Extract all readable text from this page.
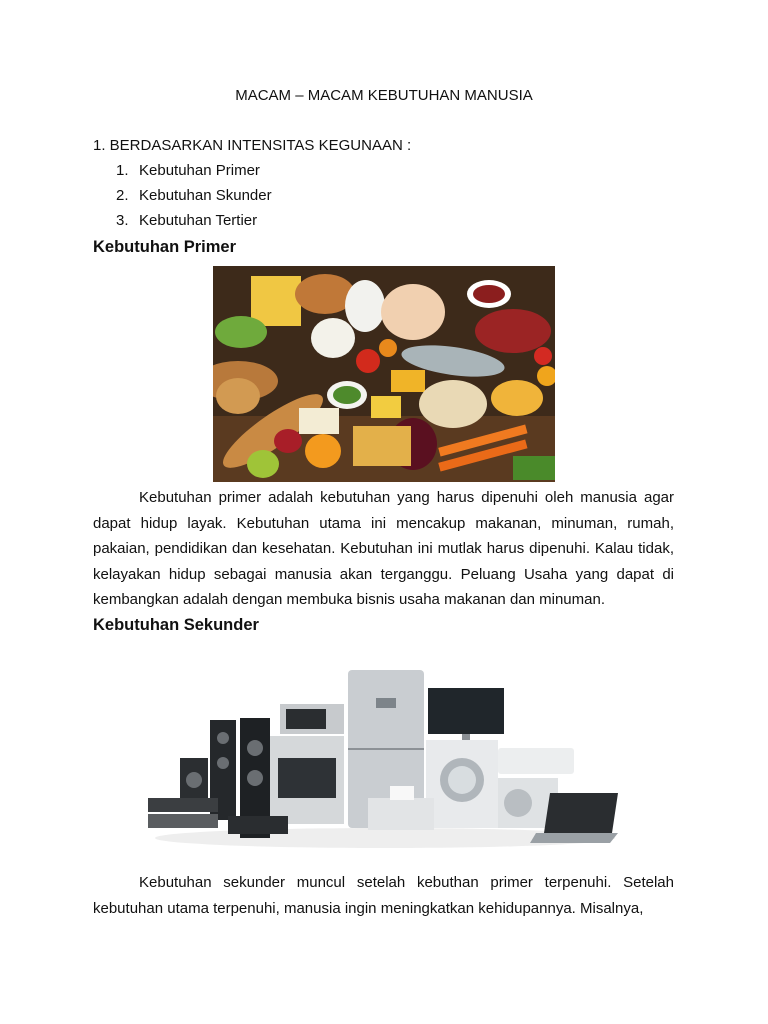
MACAM – MACAM KEBUTUHAN MANUSIA
1. BERDASARKAN INTENSITAS KEGUNAAN :
1. Kebutuhan Primer
2. Kebutuhan Skunder
3. Kebutuhan Tertier
Kebutuhan Primer

Kebutuhan primer adalah kebutuhan yang harus dipenuhi oleh manusia agar dapat hidup layak. Kebutuhan utama ini mencakup makanan, minuman, rumah, pakaian, pendidikan dan kesehatan. Kebutuhan ini mutlak harus dipenuhi. Kalau tidak, kelayakan hidup sebagai manusia akan terganggu. Peluang Usaha yang dapat di kembangkan adalah dengan membuka bisnis usaha makanan dan minuman.

Kebutuhan Sekunder

Kebutuhan sekunder muncul setelah kebuthan primer terpenuhi. Setelah kebutuhan utama terpenuhi, manusia ingin meningkatkan kehidupannya. Misalnya,
